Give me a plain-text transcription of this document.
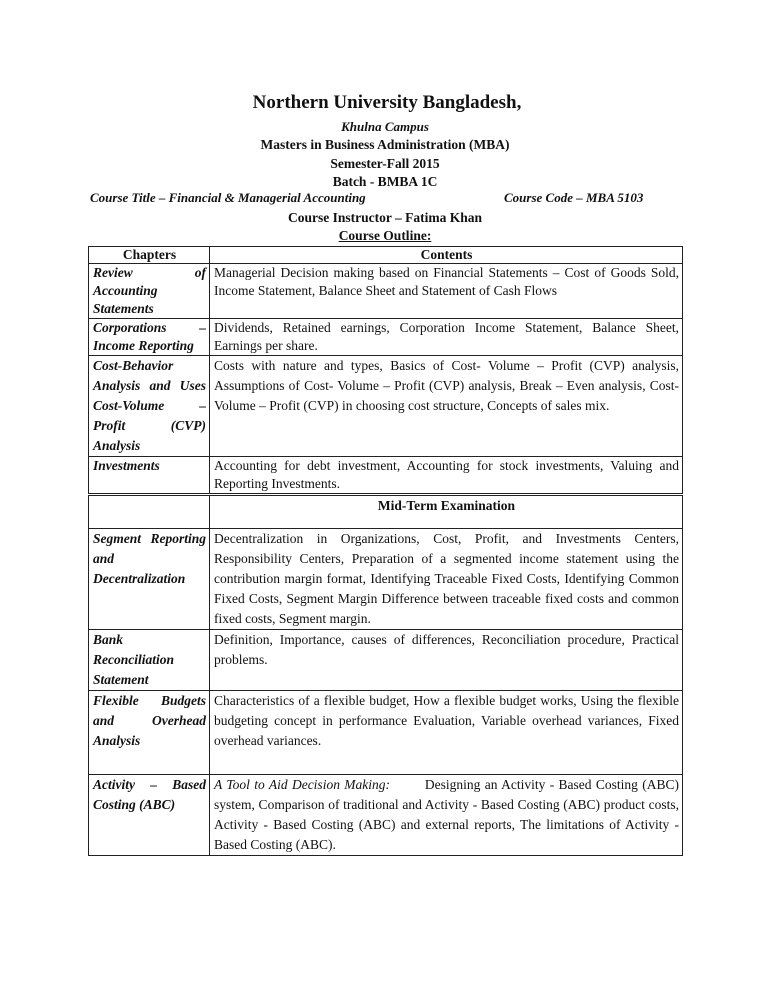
Northern University Bangladesh,
Khulna Campus
Masters in Business Administration (MBA)
Semester-Fall 2015
Batch - BMBA 1C
Course Title – Financial & Managerial Accounting	Course Code – MBA 5103
Course Instructor – Fatima Khan
Course Outline:
Chapters	Contents
Review of Accounting Statements	Managerial Decision making based on Financial Statements – Cost of Goods Sold, Income Statement, Balance Sheet and Statement of Cash Flows
Corporations – Income Reporting	Dividends, Retained earnings, Corporation Income Statement, Balance Sheet, Earnings per share.
Cost-Behavior Analysis and Uses Cost-Volume – Profit (CVP) Analysis	Costs with nature and types, Basics of Cost- Volume – Profit (CVP) analysis, Assumptions of Cost- Volume – Profit (CVP) analysis, Break – Even analysis, Cost- Volume – Profit (CVP) in choosing cost structure, Concepts of sales mix.
Investments	Accounting for debt investment, Accounting for stock investments, Valuing and Reporting Investments.
	Mid-Term Examination
Segment Reporting and Decentralization	Decentralization in Organizations, Cost, Profit, and Investments Centers, Responsibility Centers, Preparation of a segmented income statement using the contribution margin format, Identifying Traceable Fixed Costs, Identifying Common Fixed Costs, Segment Margin Difference between traceable fixed costs and common fixed costs, Segment margin.
Bank Reconciliation Statement	Definition, Importance, causes of differences, Reconciliation procedure, Practical problems.
Flexible Budgets and Overhead Analysis	Characteristics of a flexible budget, How a flexible budget works, Using the flexible budgeting concept in performance Evaluation, Variable overhead variances, Fixed overhead variances.
Activity – Based Costing (ABC)	A Tool to Aid Decision Making: Designing an Activity - Based Costing (ABC) system, Comparison of traditional and Activity - Based Costing (ABC) product costs, Activity - Based Costing (ABC) and external reports, The limitations of Activity - Based Costing (ABC).
